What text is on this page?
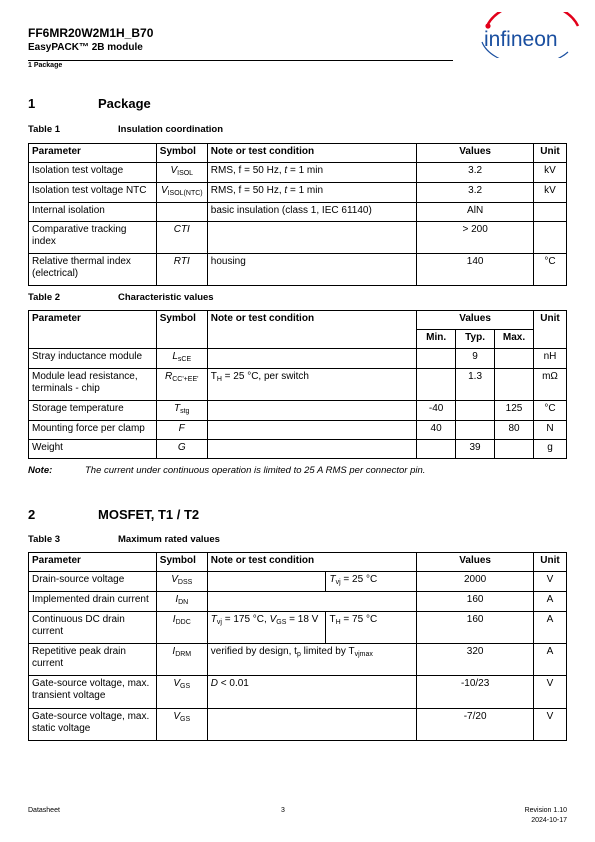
FF6MR20W2M1H_B70
EasyPACK™ 2B module
1 Package
infineon
1	Package
Table 1	Insulation coordination
Parameter	Symbol	Note or test condition	Values	Unit
Isolation test voltage	$V_{ISOL}$	RMS, f = 50 Hz, t = 1 min	3.2	kV
Isolation test voltage NTC	$V_{ISOL(NTC)}$	RMS, f = 50 Hz, t = 1 min	3.2	kV
Internal isolation		basic insulation (class 1, IEC 61140)	AlN	
Comparative tracking index	CTI		> 200	
Relative thermal index (electrical)	RTI	housing	140	°C
Table 2	Characteristic values
Parameter	Symbol	Note or test condition	Values			Unit
			Min.	Typ.	Max.	
Stray inductance module	$L_{sCE}$			9		nH
Module lead resistance, terminals - chip	$R_{CC'+EE'}$	$T_H = 25$ °C, per switch		1.3		mΩ
Storage temperature	$T_{stg}$		-40		125	°C
Mounting force per clamp	F		40		80	N
Weight	G			39		g
Note:	The current under continuous operation is limited to 25 A RMS per connector pin.
2	MOSFET, T1 / T2
Table 3	Maximum rated values
Parameter	Symbol	Note or test condition		Values	Unit
Drain-source voltage	$V_{DSS}$		$T_{vj} = 25$ °C	2000	V
Implemented drain current	$I_{DN}$			160	A
Continuous DC drain current	$I_{DDC}$	$T_{vj} = 175$ °C, $V_{GS} = 18$ V	$T_H = 75$ °C	160	A
Repetitive peak drain current	$I_{DRM}$	verified by design, $t_p$ limited by $T_{vjmax}$		320	A
Gate-source voltage, max. transient voltage	$V_{GS}$	D < 0.01		-10/23	V
Gate-source voltage, max. static voltage	$V_{GS}$			-7/20	V
Datasheet	3	Revision 1.10
2024-10-17
